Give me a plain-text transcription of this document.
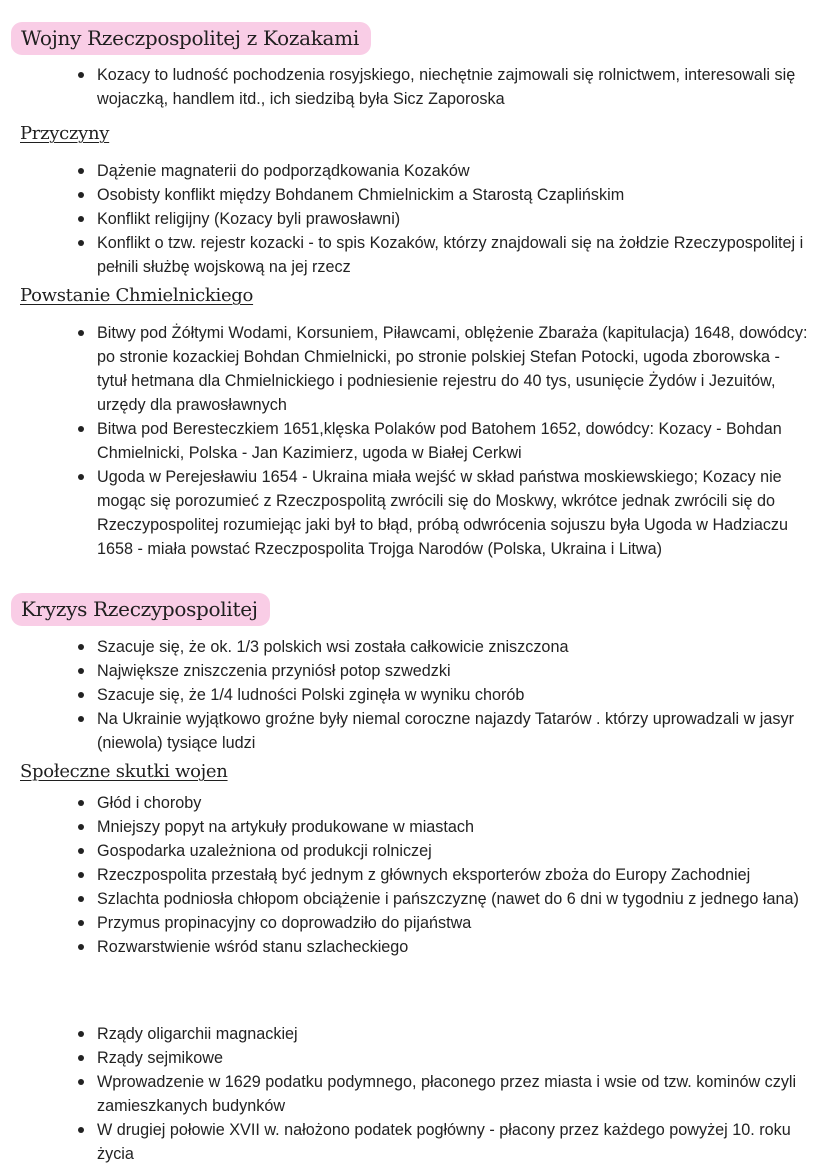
Wojny Rzeczpospolitej z Kozakami
Kozacy to ludność pochodzenia rosyjskiego, niechętnie zajmowali się rolnictwem, interesowali się wojaczką, handlem itd., ich siedzibą była Sicz Zaporoska
Przyczyny
Dążenie magnaterii do podporządkowania Kozaków
Osobisty konflikt między Bohdanem Chmielnickim a Starostą Czaplińskim
Konflikt religijny (Kozacy byli prawosławni)
Konflikt o tzw. rejestr kozacki - to spis Kozaków, którzy znajdowali się na żołdzie Rzeczypospolitej i pełnili służbę wojskową na jej rzecz
Powstanie Chmielnickiego
Bitwy pod Żółtymi Wodami, Korsuniem, Piławcami, oblężenie Zbaraża (kapitulacja) 1648, dowódcy: po stronie kozackiej Bohdan Chmielnicki, po stronie polskiej Stefan Potocki, ugoda zborowska - tytuł hetmana dla Chmielnickiego i podniesienie rejestru do 40 tys, usunięcie Żydów i Jezuitów, urzędy dla prawosławnych
Bitwa pod Beresteczkiem 1651,klęska Polaków pod Batohem 1652, dowódcy: Kozacy - Bohdan Chmielnicki, Polska - Jan Kazimierz, ugoda w Białej Cerkwi
Ugoda w Perejesławiu 1654 - Ukraina miała wejść w skład państwa moskiewskiego; Kozacy nie mogąc się porozumieć z Rzeczpospolitą zwrócili się do Moskwy, wkrótce jednak zwrócili się do Rzeczypospolitej rozumiejąc jaki był to błąd, próbą odwrócenia sojuszu była Ugoda w Hadziaczu 1658 - miała powstać Rzeczpospolita Trojga Narodów (Polska, Ukraina i Litwa)
Kryzys Rzeczypospolitej
Szacuje się, że ok. 1/3 polskich wsi została całkowicie zniszczona
Największe zniszczenia przyniósł potop szwedzki
Szacuje się, że 1/4 ludności Polski zginęła w wyniku chorób
Na Ukrainie wyjątkowo groźne były niemal coroczne najazdy Tatarów . którzy uprowadzali w jasyr (niewola) tysiące ludzi
Społeczne skutki wojen
Głód i choroby
Mniejszy popyt na artykuły produkowane w miastach
Gospodarka uzależniona od produkcji rolniczej
Rzeczpospolita przestałą być jednym z głównych eksporterów zboża do Europy Zachodniej
Szlachta podniosła chłopom obciążenie i pańszczyznę (nawet do 6 dni w tygodniu z jednego łana)
Przymus propinacyjny co doprowadziło do pijaństwa
Rozwarstwienie wśród stanu szlacheckiego
Rządy oligarchii magnackiej
Rządy sejmikowe
Wprowadzenie w 1629 podatku podymnego, płaconego przez miasta i wsie od tzw. kominów czyli zamieszkanych budynków
W drugiej połowie XVII w. nałożono podatek pogłówny - płacony przez każdego powyżej 10. roku życia
